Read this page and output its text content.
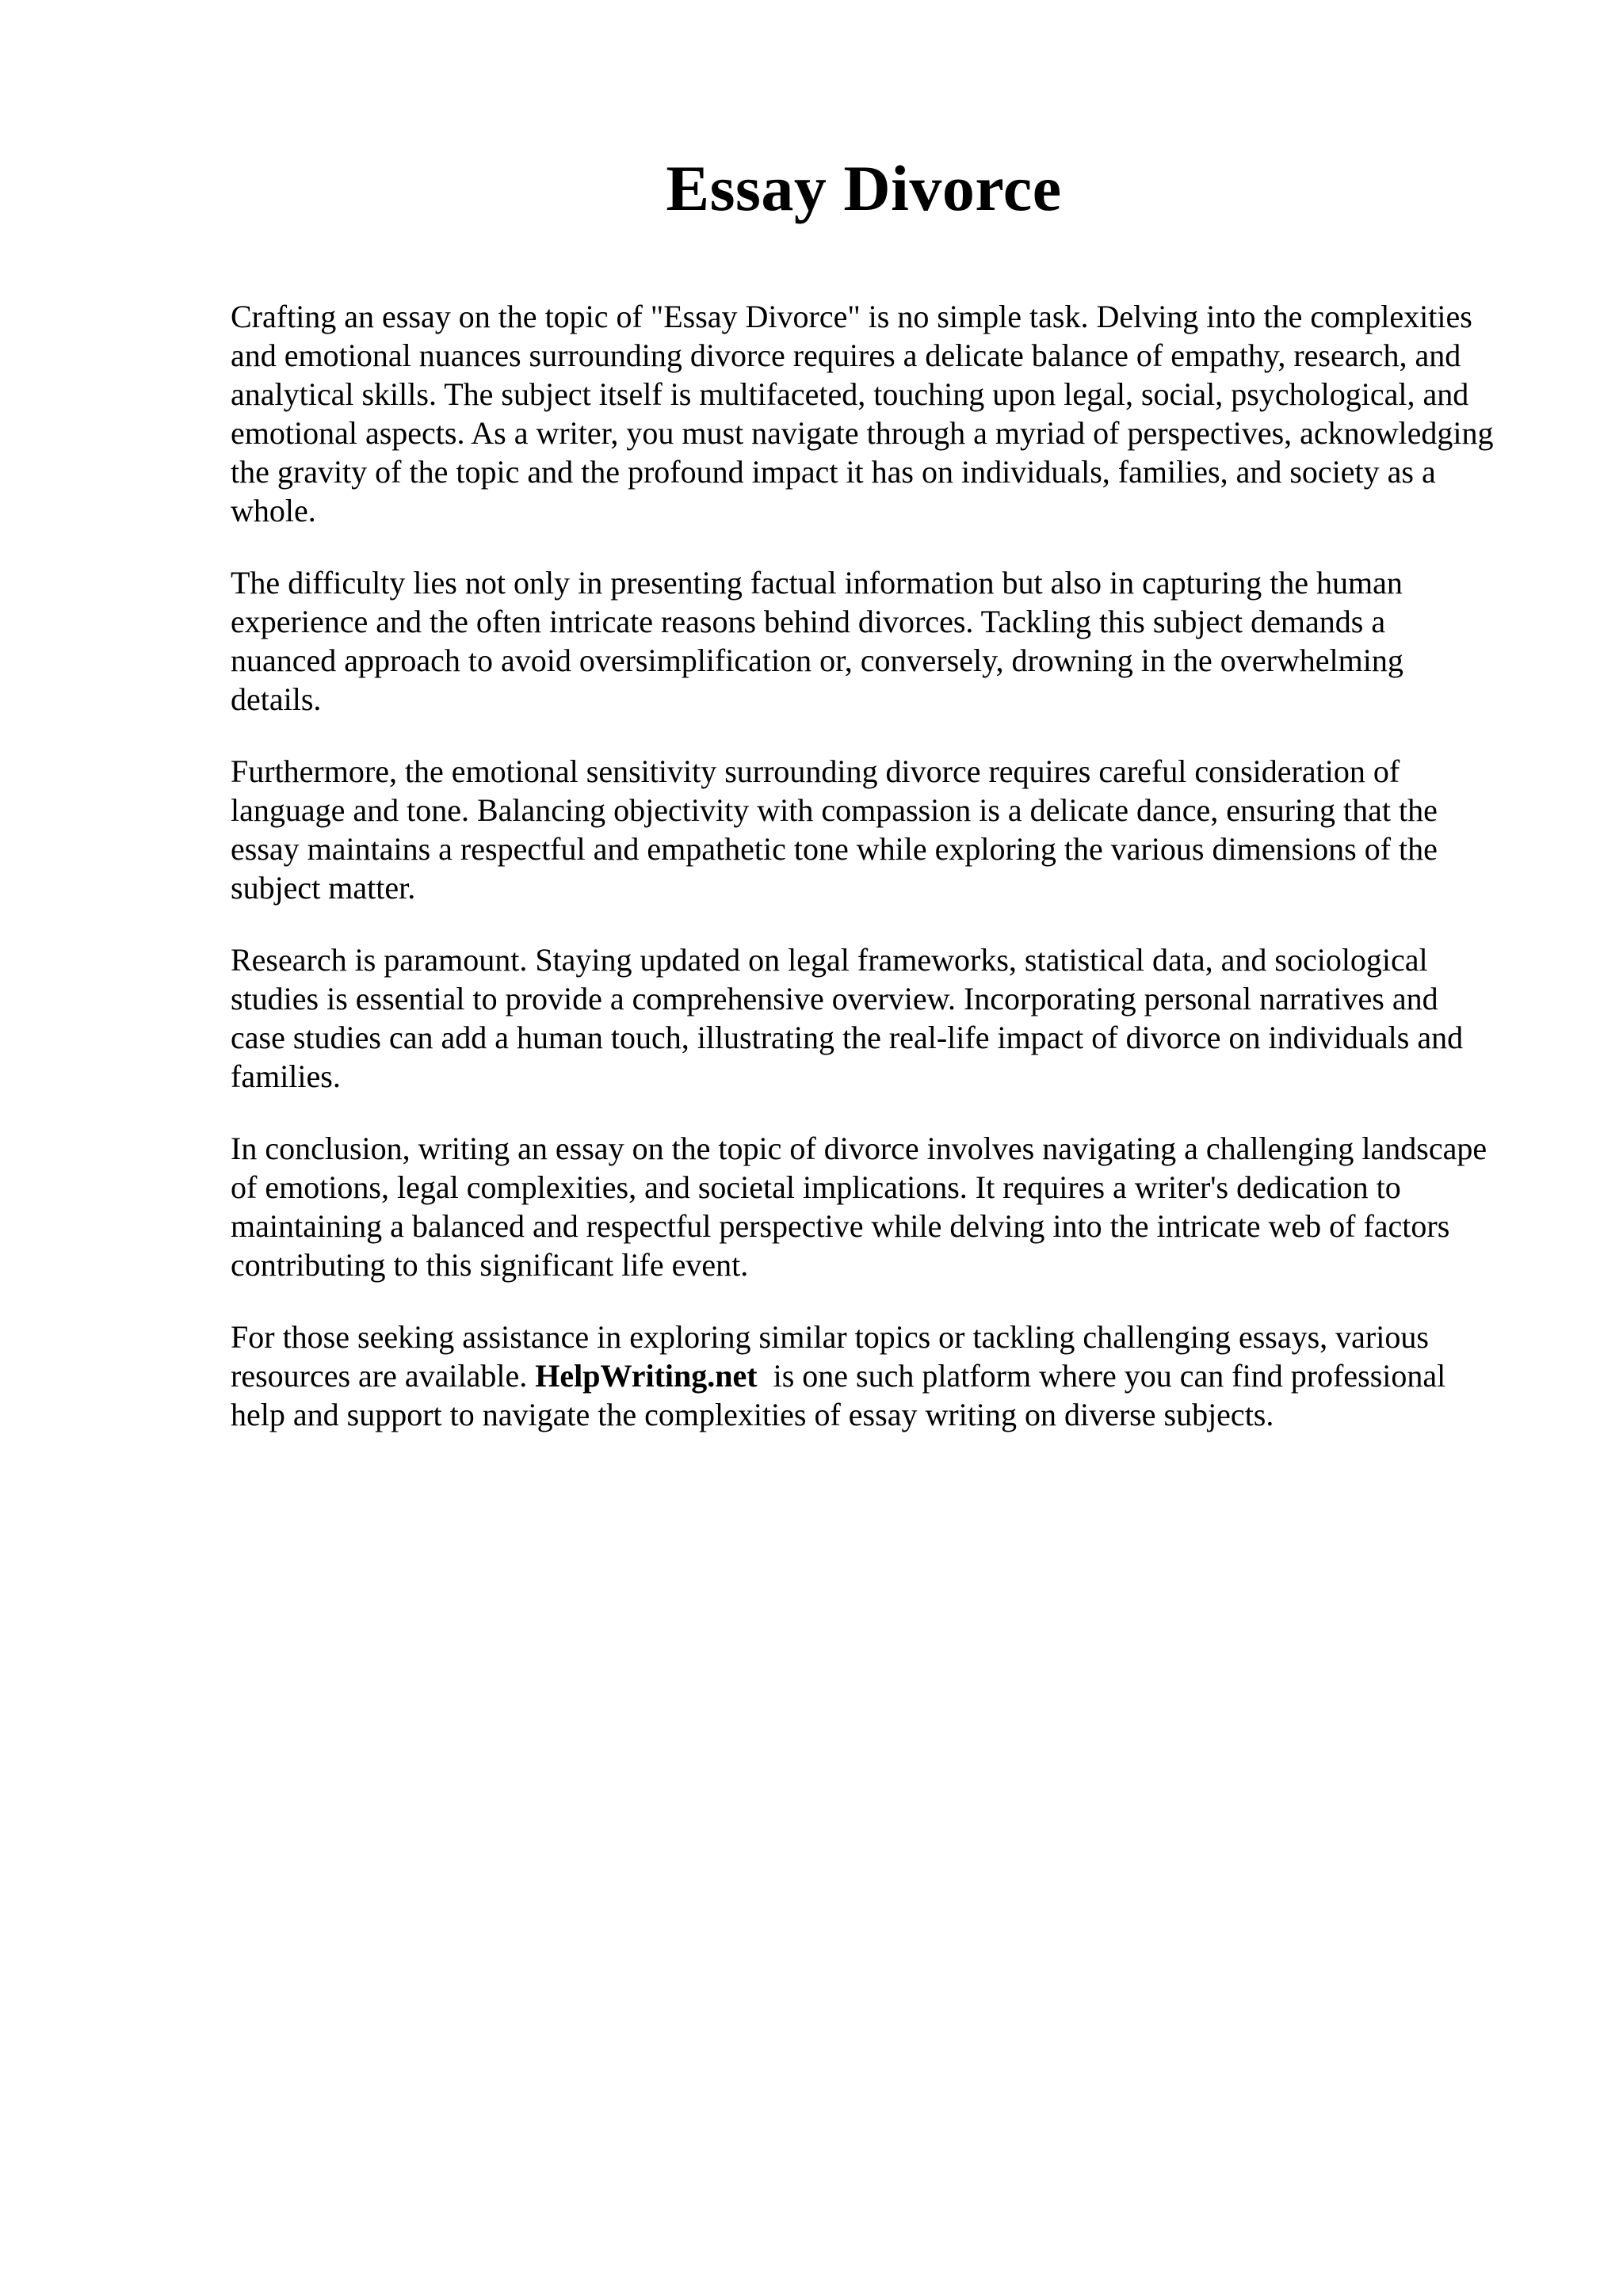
Essay Divorce

Crafting an essay on the topic of "Essay Divorce" is no simple task. Delving into the complexities and emotional nuances surrounding divorce requires a delicate balance of empathy, research, and analytical skills. The subject itself is multifaceted, touching upon legal, social, psychological, and emotional aspects. As a writer, you must navigate through a myriad of perspectives, acknowledging the gravity of the topic and the profound impact it has on individuals, families, and society as a whole.

The difficulty lies not only in presenting factual information but also in capturing the human experience and the often intricate reasons behind divorces. Tackling this subject demands a nuanced approach to avoid oversimplification or, conversely, drowning in the overwhelming details.

Furthermore, the emotional sensitivity surrounding divorce requires careful consideration of language and tone. Balancing objectivity with compassion is a delicate dance, ensuring that the essay maintains a respectful and empathetic tone while exploring the various dimensions of the subject matter.

Research is paramount. Staying updated on legal frameworks, statistical data, and sociological studies is essential to provide a comprehensive overview. Incorporating personal narratives and case studies can add a human touch, illustrating the real-life impact of divorce on individuals and families.

In conclusion, writing an essay on the topic of divorce involves navigating a challenging landscape of emotions, legal complexities, and societal implications. It requires a writer's dedication to maintaining a balanced and respectful perspective while delving into the intricate web of factors contributing to this significant life event.

For those seeking assistance in exploring similar topics or tackling challenging essays, various resources are available. HelpWriting.net is one such platform where you can find professional help and support to navigate the complexities of essay writing on diverse subjects.
